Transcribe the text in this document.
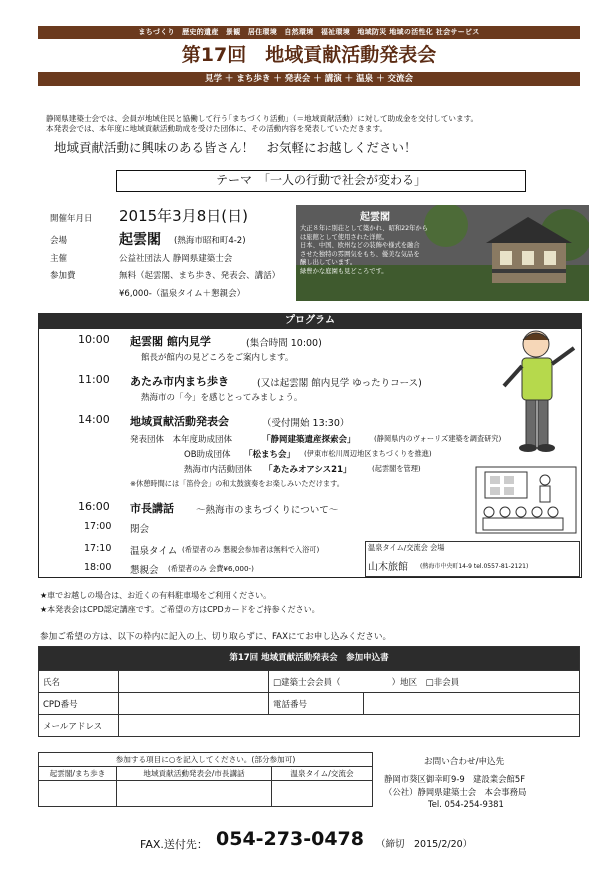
まちづくり　歴史的遺産　景観　居住環境　自然環境　福祉環境　地域防災 地域の活性化 社会サービス
第17回　地域貢献活動発表会
見学 ＋ まち歩き ＋ 発表会 ＋ 講演 ＋ 温泉 ＋ 交流会
静岡県建築士会では、会員が地域住民と協働して行う｢まちづくり活動｣（＝地域貢献活動）に対して助成金を交付しています。
本発表会では、本年度に地域貢献活動助成を受けた団体に、その活動内容を発表していただきます。
地域貢献活動に興味のある皆さん！　お気軽にお越しください！
テーマ　「一人の行動で社会が変わる」
開催年月日 2015年3月8日(日)
会場	起雲閣 (熱海市昭和町4-2)
主催	公益社団法人 静岡県建築士会
参加費	無料（起雲閣、まち歩き、発表会、講話）
¥6,000-（温泉タイム＋懇親会）
起雲閣
大正８年に別荘として築かれ、昭和22年から
は旅館として使用された洋館。
日本、中国、欧州などの装飾や様式を融合
させた独特の雰囲気をもち、優美な気品を
醸し出しています。
緑豊かな庭園も見どころです。
プログラム
10:00 起雲閣 館内見学	(集合時間 10:00)
館長が館内の見どころをご案内します。
11:00 あたみ市内まち歩き	(又は起雲閣 館内見学 ゆったりコース)
熱海市の「今」を感じとってみましょう。
14:00 地域貢献活動発表会	（受付開始 13:30）
発表団体　本年度助成団体	「静岡建築遺産探索会」	(静岡県内のヴォーリズ建築を調査研究)
OB助成団体 「松まち会」 (伊東市松川周辺地区まちづくりを推進)
熱海市内活動団体 「あたみオアシス21」	(起雲閣を管理)
※休憩時間には「笛伶会」の和太鼓演奏をお楽しみいただけます。
16:00 市長講話 ～熱海市のまちづくりについて～
17:00 閉会
17:10 温泉タイム (希望者のみ 懇親会参加者は無料で入浴可)
18:00 懇親会 (希望者のみ 会費¥6,000-)
温泉タイム/交流会 会場
山木旅館 (熱海市中央町14-9 tel.0557-81-2121)
★車でお越しの場合は、お近くの有料駐車場をご利用ください。
★本発表会はCPD認定講座です。ご希望の方はCPDカードをご持参ください。
参加ご希望の方は、以下の枠内に記入の上、切り取らずに、FAXにてお申し込みください。
第17回 地域貢献活動発表会　参加申込書			
氏名		□建築士会会員（　　　　　　 ）地区　□非会員	
CPD番号		電話番号	
メールアドレス			
参加する項目に○を記入してください。(部分参加可)		
起雲閣/まち歩き	地域貢献活動発表会/市長講話	温泉タイム/交流会

お問い合わせ/申込先
静岡市葵区御幸町9-9　建設業会館5F
（公社）静岡県建築士会　本会事務局
Tel. 054-254-9381
FAX.送付先： 054-273-0478 （締切　2015/2/20）
